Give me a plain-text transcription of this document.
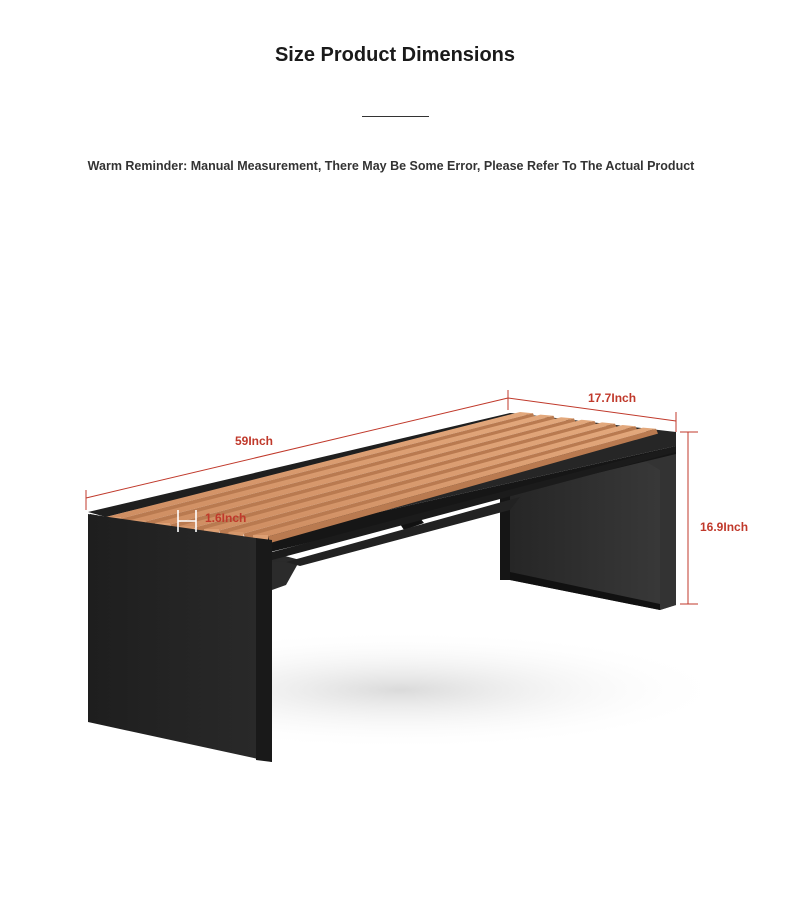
Size Product Dimensions

Warm Reminder: Manual Measurement, There May Be Some Error, Please Refer To The Actual Product

59Inch
17.7Inch
16.9Inch
1.6Inch
